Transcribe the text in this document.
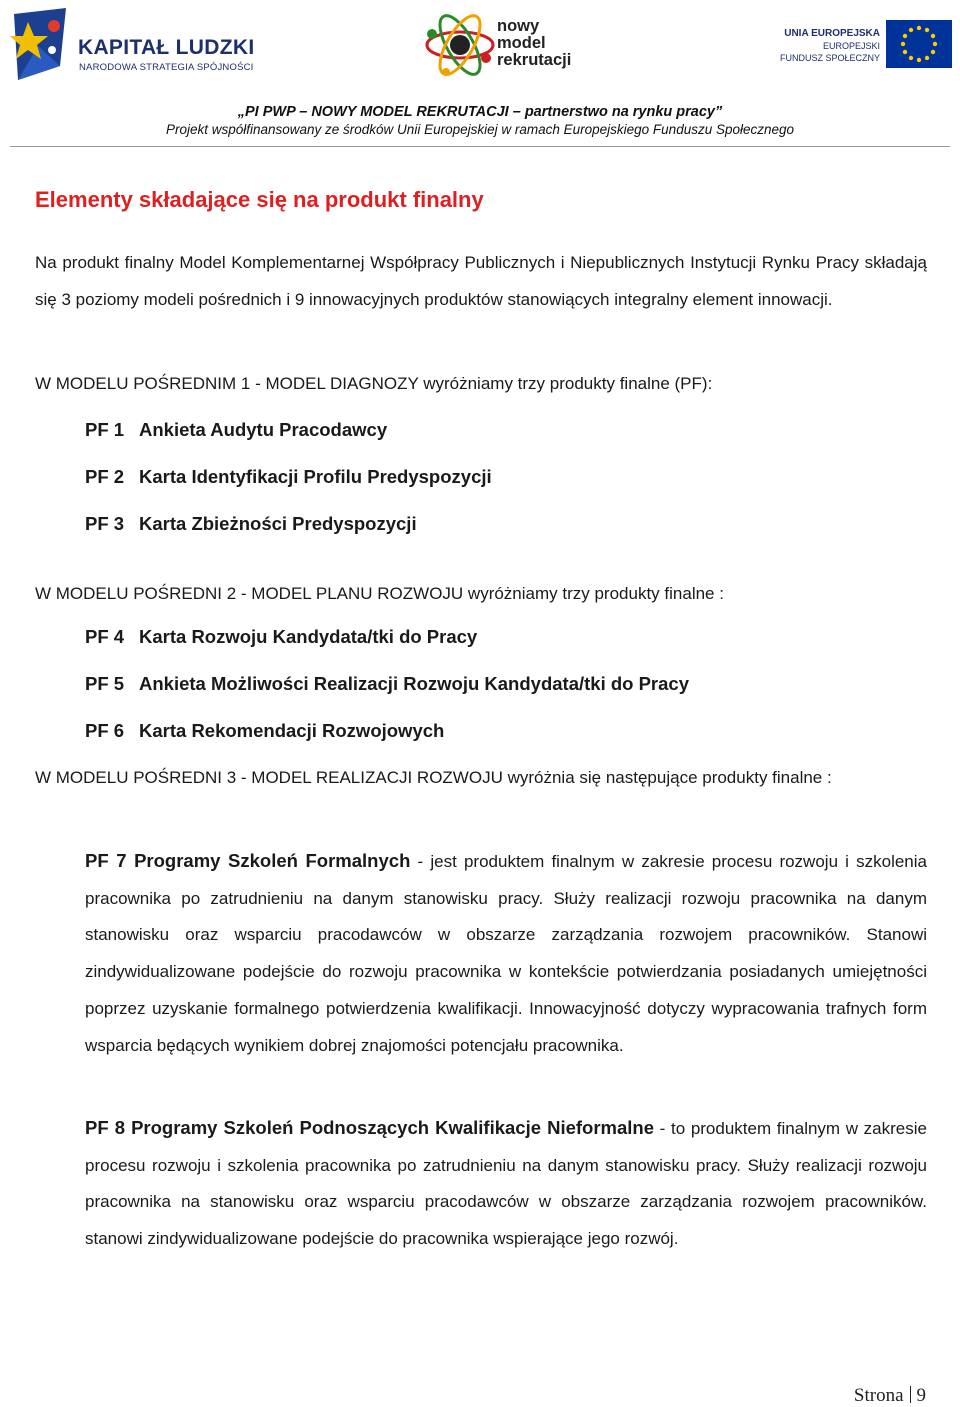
KAPITAŁ LUDZKI
NARODOWA STRATEGIA SPÓJNOŚCI
nowy
model
rekrutacji
UNIA EUROPEJSKA
EUROPEJSKI
FUNDUSZ SPOŁECZNY
„PI PWP – NOWY MODEL REKRUTACJI – partnerstwo na rynku pracy”
Projekt współfinansowany ze środków Unii Europejskiej w ramach Europejskiego Funduszu Społecznego
Elementy składające się na produkt finalny
Na produkt finalny Model Komplementarnej Współpracy Publicznych i Niepublicznych Instytucji Rynku Pracy składają się 3 poziomy modeli pośrednich i 9 innowacyjnych produktów stanowiących integralny element innowacji.
W MODELU POŚREDNIM 1 - MODEL DIAGNOZY wyróżniamy trzy produkty finalne (PF):
PF 1 Ankieta Audytu Pracodawcy
PF 2 Karta Identyfikacji Profilu Predyspozycji
PF 3 Karta Zbieżności Predyspozycji
W MODELU POŚREDNI 2 - MODEL PLANU ROZWOJU wyróżniamy trzy produkty finalne :
PF 4 Karta Rozwoju Kandydata/tki do Pracy
PF 5 Ankieta Możliwości Realizacji Rozwoju Kandydata/tki do Pracy
PF 6 Karta Rekomendacji Rozwojowych
W MODELU POŚREDNI 3 - MODEL REALIZACJI ROZWOJU wyróżnia się następujące produkty finalne :
PF 7 Programy Szkoleń Formalnych - jest produktem finalnym w zakresie procesu rozwoju i szkolenia pracownika po zatrudnieniu na danym stanowisku pracy. Służy realizacji rozwoju pracownika na danym stanowisku oraz wsparciu pracodawców w obszarze zarządzania rozwojem pracowników. Stanowi zindywidualizowane podejście do rozwoju pracownika w kontekście potwierdzania posiadanych umiejętności poprzez uzyskanie formalnego potwierdzenia kwalifikacji. Innowacyjność dotyczy wypracowania trafnych form wsparcia będących wynikiem dobrej znajomości potencjału pracownika.
PF 8 Programy Szkoleń Podnoszących Kwalifikacje Nieformalne - to produktem finalnym w zakresie procesu rozwoju i szkolenia pracownika po zatrudnieniu na danym stanowisku pracy. Służy realizacji rozwoju pracownika na stanowisku oraz wsparciu pracodawców w obszarze zarządzania rozwojem pracowników. stanowi zindywidualizowane podejście do pracownika wspierające jego rozwój.
Strona 9
